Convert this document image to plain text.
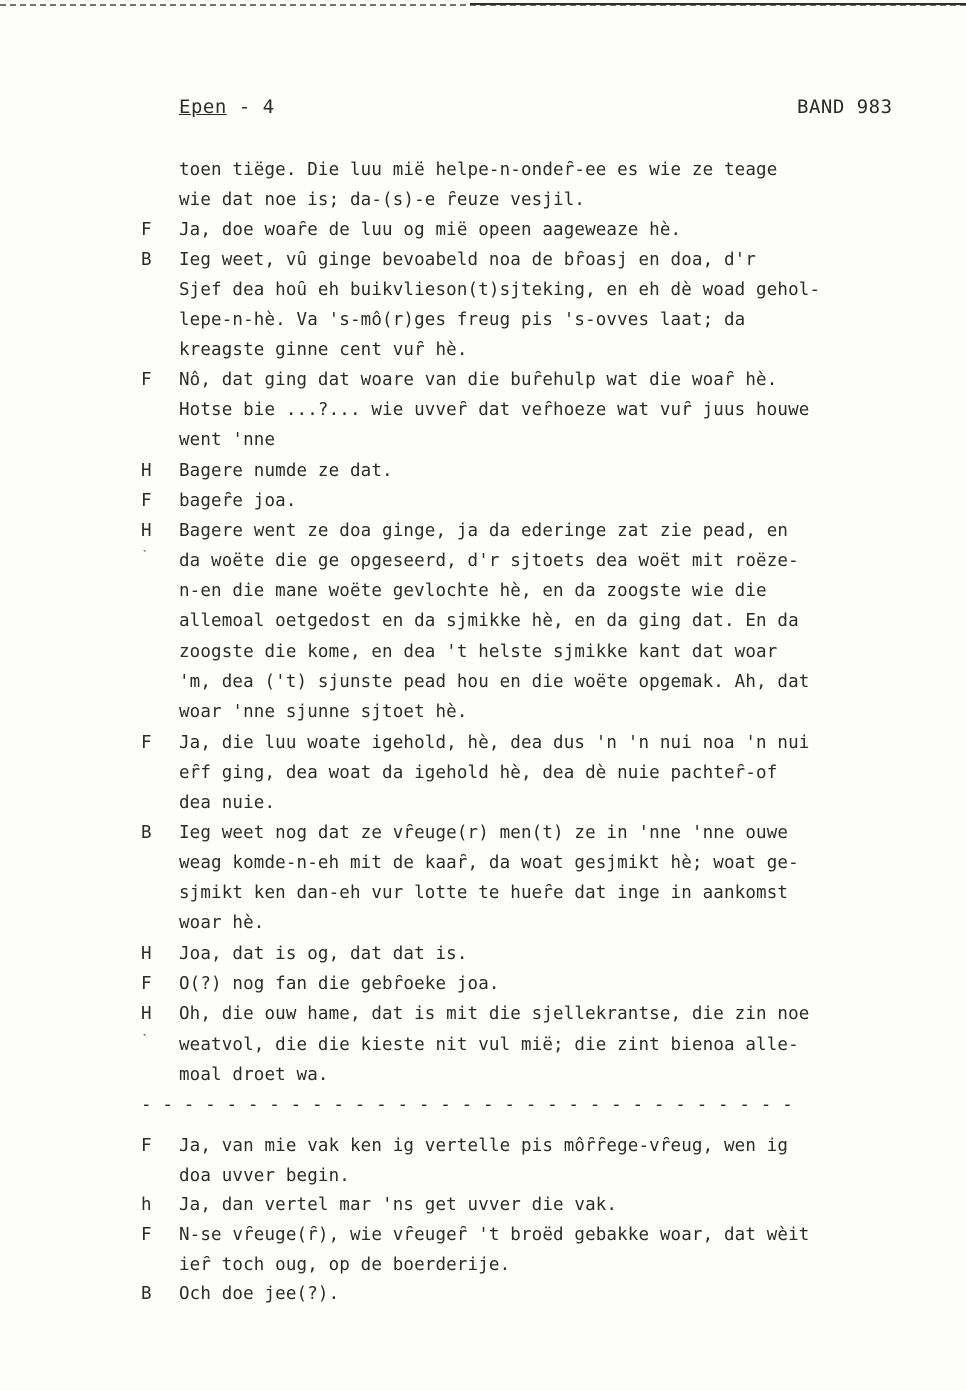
Epen - 4	BAND 983
toen tiëge. Die luu mië helpe-n-ondeȓ-ee es wie ze teage
wie dat noe is; da-(s)-e ȓeuze vesjil.
F	Ja, doe woaȓe de luu og mië opeen aageweaze hè.
B	Ieg weet, vȗ ginge bevoabeld noa de bȓoasj en doa, d'r
Sjef dea hoȗ eh buikvlieson(t)sjteking, en eh dè woad gehol-
lepe-n-hè. Va 's-mô(r)ges freug pis 's-ovves laat; da
kreagste ginne cent vuȓ hè.
F	Nô, dat ging dat woare van die buȓehulp wat die woaȓ hè.
Hotse bie ...?... wie uvveȓ dat veȓhoeze wat vuȓ juus houwe
went 'nne
H	Bagere numde ze dat.
F	bageȓe joa.
H	Bagere went ze doa ginge, ja da ederinge zat zie pead, en
da woëte die ge opgeseerd, d'r sjtoets dea woët mit roëze-
n-en die mane woëte gevlochte hè, en da zoogste wie die
allemoal oetgedost en da sjmikke hè, en da ging dat. En da
zoogste die kome, en dea 't helste sjmikke kant dat woar
'm, dea ('t) sjunste pead hou en die woëte opgemak. Ah, dat
woar 'nne sjunne sjtoet hè.
F	Ja, die luu woate igehold, hè, dea dus 'n 'n nui noa 'n nui
eȓf ging, dea woat da igehold hè, dea dè nuie pachteȓ-of
dea nuie.
B	Ieg weet nog dat ze vȓeuge(r) men(t) ze in 'nne 'nne ouwe
weag komde-n-eh mit de kaaȓ, da woat gesjmikt hè; woat ge-
sjmikt ken dan-eh vur lotte te hueȓe dat inge in aankomst
woar hè.
H	Joa, dat is og, dat dat is.
F	O(?) nog fan die gebȓoeke joa.
H	Oh, die ouw hame, dat is mit die sjellekrantse, die zin noe
weatvol, die die kieste nit vul mië; die zint bienoa alle-
moal droet wa.
F	Ja, van mie vak ken ig vertelle pis môȓȓege-vȓeug, wen ig
doa uvver begin.
h	Ja, dan vertel mar 'ns get uvver die vak.
F	N-se vȓeuge(ȓ), wie vȓeugeȓ 't broëd gebakke woar, dat wèit
ieȓ toch oug, op de boerderije.
B	Och doe jee(?).
- - - - - - - - - - - - - - - - - - - - - - - - - - - - - - -
ˋ
ˋ
